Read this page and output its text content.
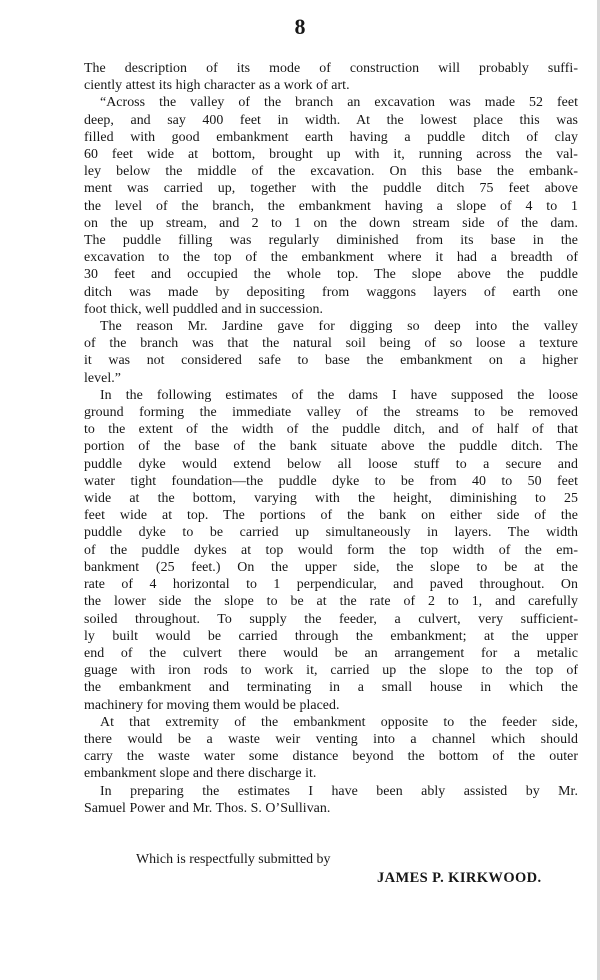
8

The description of its mode of construction will probably suffi-
ciently attest its high character as a work of art.

“Across the valley of the branch an excavation was made 52 feet
deep, and say 400 feet in width. At the lowest place this was
filled with good embankment earth having a puddle ditch of clay
60 feet wide at bottom, brought up with it, running across the val-
ley below the middle of the excavation. On this base the embank-
ment was carried up, together with the puddle ditch 75 feet above
the level of the branch, the embankment having a slope of 4 to 1
on the up stream, and 2 to 1 on the down stream side of the dam.
The puddle filling was regularly diminished from its base in the
excavation to the top of the embankment where it had a breadth of
30 feet and occupied the whole top. The slope above the puddle
ditch was made by depositing from waggons layers of earth one
foot thick, well puddled and in succession.

The reason Mr. Jardine gave for digging so deep into the valley
of the branch was that the natural soil being of so loose a texture
it was not considered safe to base the embankment on a higher
level.”

In the following estimates of the dams I have supposed the loose
ground forming the immediate valley of the streams to be removed
to the extent of the width of the puddle ditch, and of half of that
portion of the base of the bank situate above the puddle ditch. The
puddle dyke would extend below all loose stuff to a secure and
water tight foundation—the puddle dyke to be from 40 to 50 feet
wide at the bottom, varying with the height, diminishing to 25
feet wide at top. The portions of the bank on either side of the
puddle dyke to be carried up simultaneously in layers. The width
of the puddle dykes at top would form the top width of the em-
bankment (25 feet.) On the upper side, the slope to be at the
rate of 4 horizontal to 1 perpendicular, and paved throughout. On
the lower side the slope to be at the rate of 2 to 1, and carefully
soiled throughout. To supply the feeder, a culvert, very sufficient-
ly built would be carried through the embankment; at the upper
end of the culvert there would be an arrangement for a metalic
guage with iron rods to work it, carried up the slope to the top of
the embankment and terminating in a small house in which the
machinery for moving them would be placed.

At that extremity of the embankment opposite to the feeder side,
there would be a waste weir venting into a channel which should
carry the waste water some distance beyond the bottom of the outer
embankment slope and there discharge it.

In preparing the estimates I have been ably assisted by Mr.
Samuel Power and Mr. Thos. S. O’Sullivan.

Which is respectfully submitted by
JAMES P. KIRKWOOD.
